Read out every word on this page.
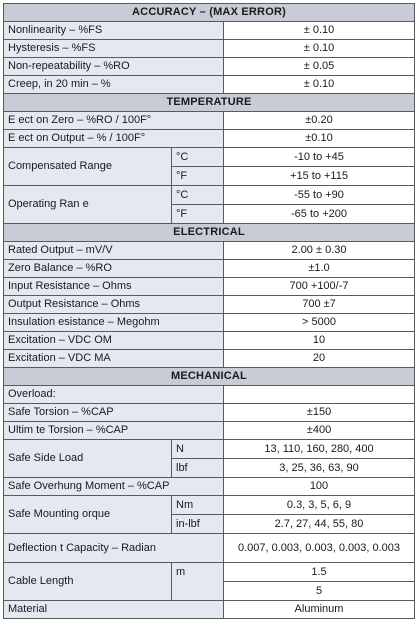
ACCURACY – (MAX ERROR)		
Nonlinearity – %FS		± 0.10
Hysteresis – %FS		± 0.10
Non-repeatability – %RO		± 0.05
Creep, in 20 min – %		± 0.10
TEMPERATURE		
E ect on Zero – %RO / 100F°		±0.20
E ect on Output – % / 100F°		±0.10
Compensated Range	°C	-10 to +45
	°F	+15 to +115
Operating Ran e	°C	-55 to +90
	°F	-65 to +200
ELECTRICAL		
Rated Output – mV/V		2.00 ± 0.30
Zero Balance – %RO		±1.0
Input Resistance – Ohms		700 +100/-7
Output Resistance – Ohms		700 ±7
Insulation esistance – Megohm		> 5000
Excitation – VDC OM		10
Excitation – VDC MA		20
MECHANICAL		
Overload:		
Safe Torsion – %CAP		±150
Ultim te Torsion – %CAP		±400
Safe Side Load	N	13, 110, 160, 280, 400
	lbf	3, 25, 36, 63, 90
Safe Overhung Moment – %CAP		100
Safe Mounting orque	Nm	0.3, 3, 5, 6, 9
	in-lbf	2.7, 27, 44, 55, 80
Deflection t Capacity – Radian		0.007, 0.003, 0.003, 0.003, 0.003
Cable Length	m	1.5
		5
Material		Aluminum
